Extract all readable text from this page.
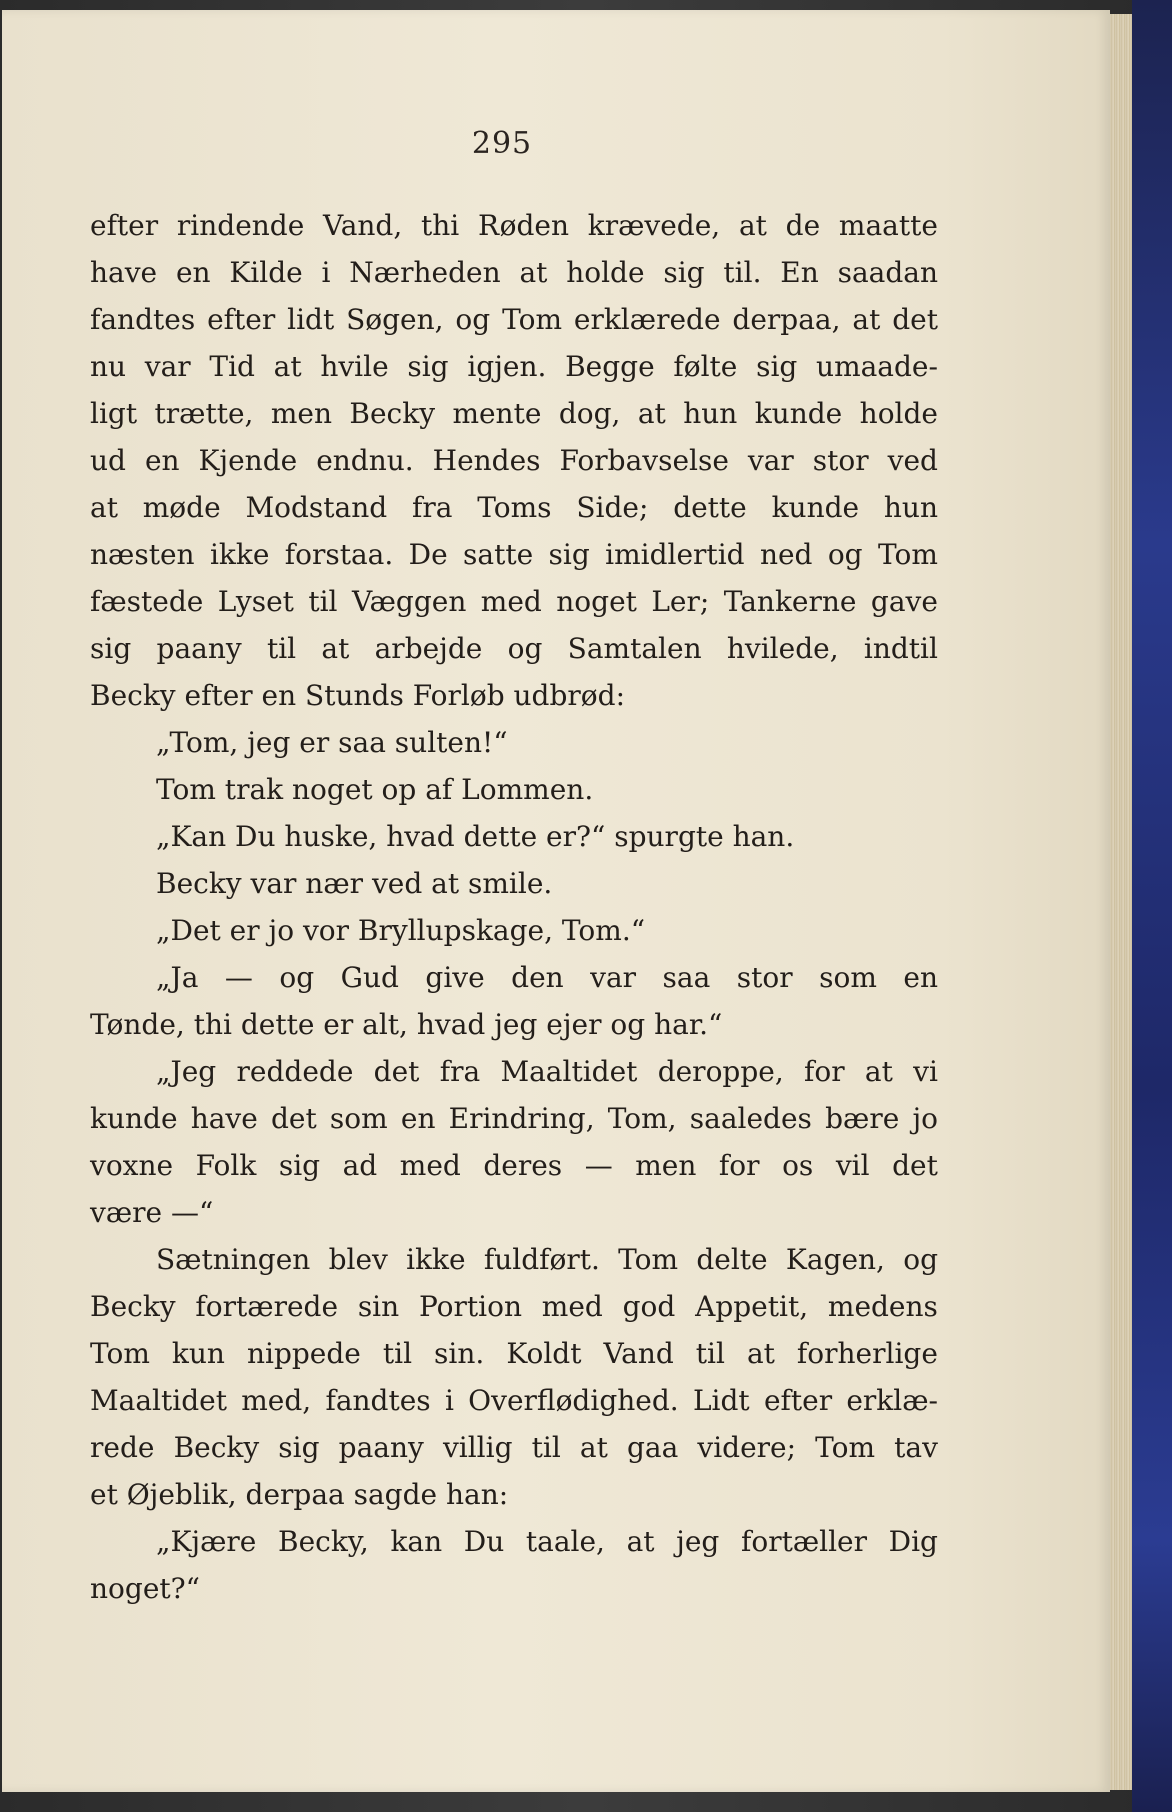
295
efter rindende Vand, thi Røden krævede, at de maatte
have en Kilde i Nærheden at holde sig til. En saadan
fandtes efter lidt Søgen, og Tom erklærede derpaa, at det
nu var Tid at hvile sig igjen. Begge følte sig umaade-
ligt trætte, men Becky mente dog, at hun kunde holde
ud en Kjende endnu. Hendes Forbavselse var stor ved
at møde Modstand fra Toms Side; dette kunde hun
næsten ikke forstaa. De satte sig imidlertid ned og Tom
fæstede Lyset til Væggen med noget Ler; Tankerne gave
sig paany til at arbejde og Samtalen hvilede, indtil
Becky efter en Stunds Forløb udbrød:
„Tom, jeg er saa sulten!“
Tom trak noget op af Lommen.
„Kan Du huske, hvad dette er?“ spurgte han.
Becky var nær ved at smile.
„Det er jo vor Bryllupskage, Tom.“
„Ja — og Gud give den var saa stor som en
Tønde, thi dette er alt, hvad jeg ejer og har.“
„Jeg reddede det fra Maaltidet deroppe, for at vi
kunde have det som en Erindring, Tom, saaledes bære jo
voxne Folk sig ad med deres — men for os vil det
være —“
Sætningen blev ikke fuldført. Tom delte Kagen, og
Becky fortærede sin Portion med god Appetit, medens
Tom kun nippede til sin. Koldt Vand til at forherlige
Maaltidet med, fandtes i Overflødighed. Lidt efter erklæ-
rede Becky sig paany villig til at gaa videre; Tom tav
et Øjeblik, derpaa sagde han:
„Kjære Becky, kan Du taale, at jeg fortæller Dig
noget?“
